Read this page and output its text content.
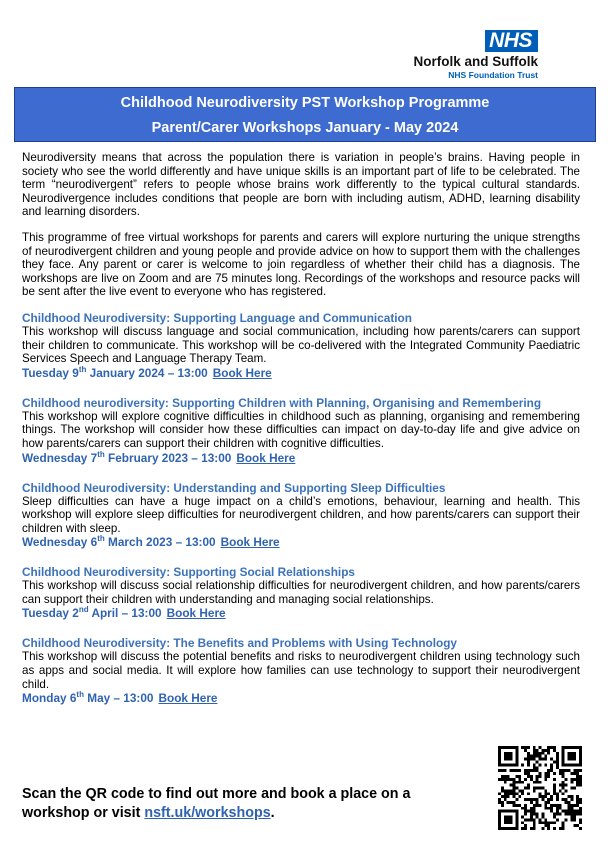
NHS
Norfolk and Suffolk
NHS Foundation Trust
Childhood Neurodiversity PST Workshop Programme
Parent/Carer Workshops January - May 2024

Neurodiversity means that across the population there is variation in people’s brains. Having people in society who see the world differently and have unique skills is an important part of life to be celebrated. The term “neurodivergent” refers to people whose brains work differently to the typical cultural standards. Neurodivergence includes conditions that people are born with including autism, ADHD, learning disability and learning disorders.

This programme of free virtual workshops for parents and carers will explore nurturing the unique strengths of neurodivergent children and young people and provide advice on how to support them with the challenges they face. Any parent or carer is welcome to join regardless of whether their child has a diagnosis. The workshops are live on Zoom and are 75 minutes long. Recordings of the workshops and resource packs will be sent after the live event to everyone who has registered.

Childhood Neurodiversity: Supporting Language and Communication
This workshop will discuss language and social communication, including how parents/carers can support their children to communicate. This workshop will be co-delivered with the Integrated Community Paediatric Services Speech and Language Therapy Team.
Tuesday 9th January 2024 – 13:00 Book Here
Childhood neurodiversity: Supporting Children with Planning, Organising and Remembering
This workshop will explore cognitive difficulties in childhood such as planning, organising and remembering things. The workshop will consider how these difficulties can impact on day-to-day life and give advice on how parents/carers can support their children with cognitive difficulties.
Wednesday 7th February 2023 – 13:00 Book Here
Childhood Neurodiversity: Understanding and Supporting Sleep Difficulties
Sleep difficulties can have a huge impact on a child’s emotions, behaviour, learning and health. This workshop will explore sleep difficulties for neurodivergent children, and how parents/carers can support their children with sleep.
Wednesday 6th March 2023 – 13:00 Book Here
Childhood Neurodiversity: Supporting Social Relationships
This workshop will discuss social relationship difficulties for neurodivergent children, and how parents/carers can support their children with understanding and managing social relationships.
Tuesday 2nd April – 13:00 Book Here
Childhood Neurodiversity: The Benefits and Problems with Using Technology
This workshop will discuss the potential benefits and risks to neurodivergent children using technology such as apps and social media. It will explore how families can use technology to support their neurodivergent child.
Monday 6th May – 13:00 Book Here
Scan the QR code to find out more and book a place on a workshop or visit nsft.uk/workshops.
